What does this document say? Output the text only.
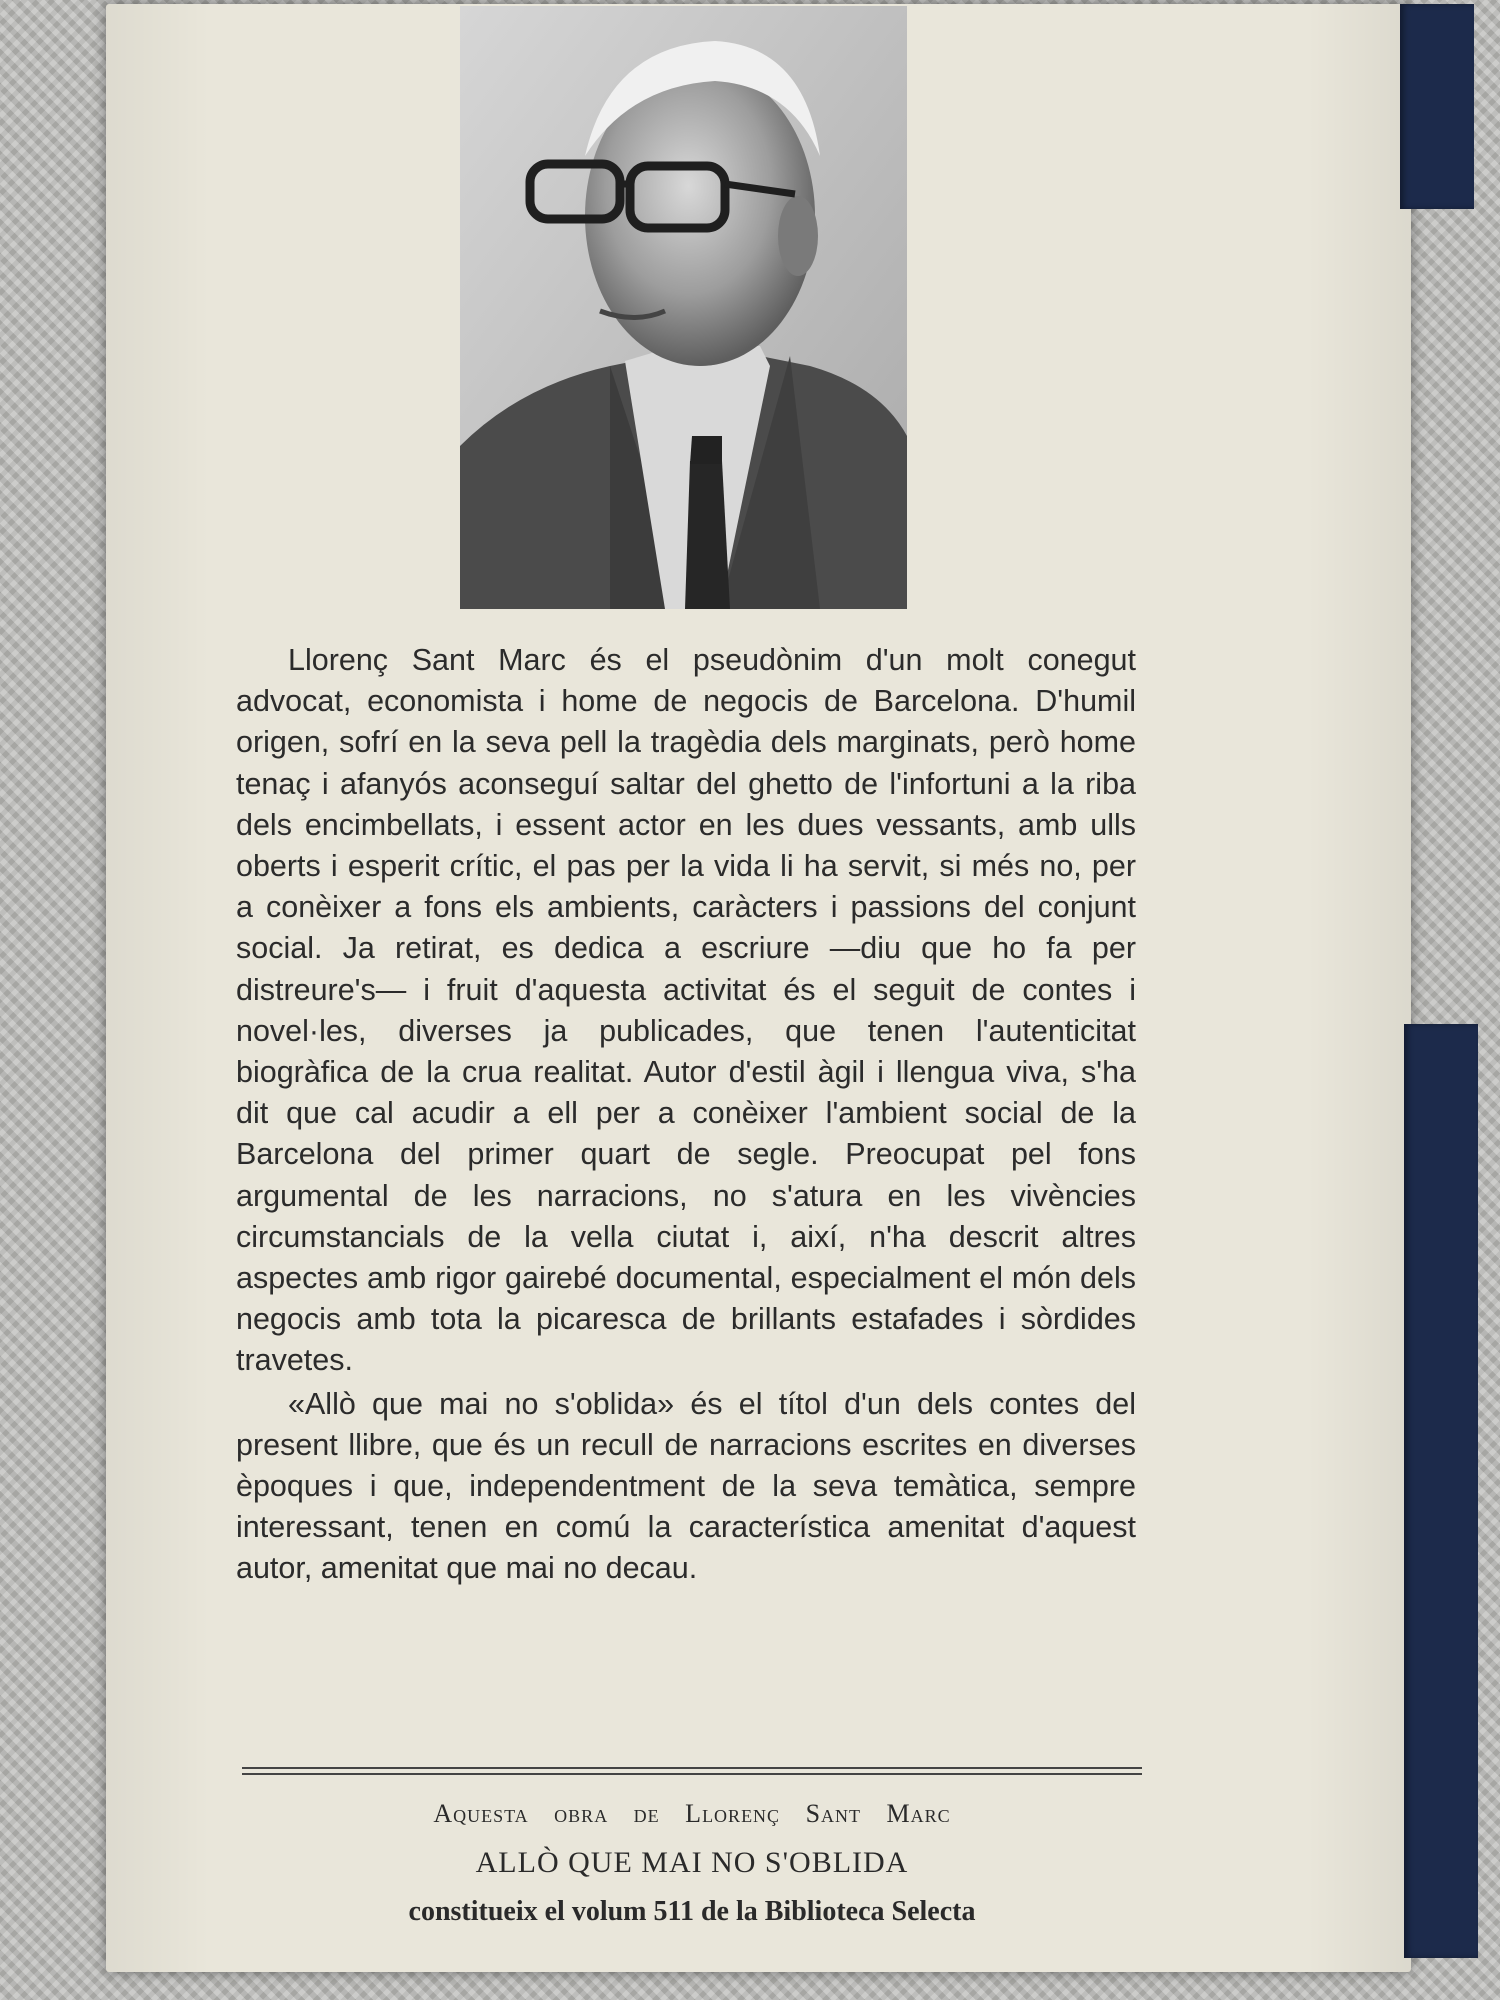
Llorenç Sant Marc és el pseudònim d'un molt conegut advocat, economista i home de negocis de Barcelona. D'humil origen, sofrí en la seva pell la tragèdia dels marginats, però home tenaç i afanyós aconseguí saltar del ghetto de l'infortuni a la riba dels encimbellats, i essent actor en les dues vessants, amb ulls oberts i esperit crític, el pas per la vida li ha servit, si més no, per a conèixer a fons els ambients, caràcters i passions del conjunt social. Ja retirat, es dedica a escriure —diu que ho fa per distreure's— i fruit d'aquesta activitat és el seguit de contes i novel·les, diverses ja publicades, que tenen l'autenticitat biogràfica de la crua realitat. Autor d'estil àgil i llengua viva, s'ha dit que cal acudir a ell per a conèixer l'ambient social de la Barcelona del primer quart de segle. Preocupat pel fons argumental de les narracions, no s'atura en les vivències circumstancials de la vella ciutat i, així, n'ha descrit altres aspectes amb rigor gairebé documental, especialment el món dels negocis amb tota la picaresca de brillants estafades i sòrdides travetes.

«Allò que mai no s'oblida» és el títol d'un dels contes del present llibre, que és un recull de narracions escrites en diverses èpoques i que, independentment de la seva temàtica, sempre interessant, tenen en comú la característica amenitat d'aquest autor, amenitat que mai no decau.

Aquesta obra de Llorenç Sant Marc
ALLÒ QUE MAI NO S'OBLIDA
constitueix el volum 511 de la Biblioteca Selecta
